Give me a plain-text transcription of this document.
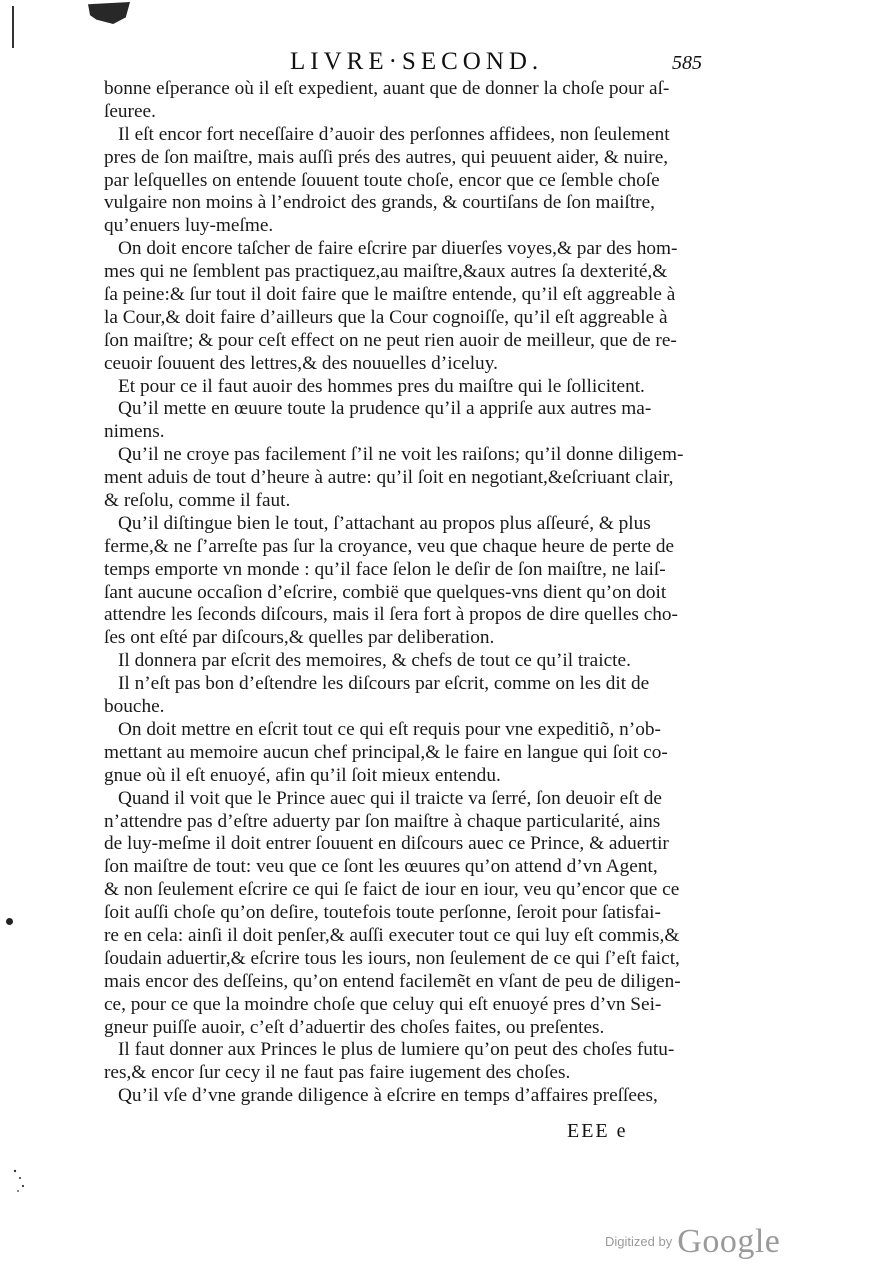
LIVRE·SECOND.	585
bonne eſperance où il eſt expedient, auant que de donner la choſe pour aſ-
ſeuree.
Il eſt encor fort neceſſaire d’auoir des perſonnes affidees, non ſeulement
pres de ſon maiſtre, mais auſſi prés des autres, qui peuuent aider, & nuire,
par leſquelles on entende ſouuent toute choſe, encor que ce ſemble choſe
vulgaire non moins à l’endroict des grands, & courtiſans de ſon maiſtre,
qu’enuers luy-meſme.
On doit encore taſcher de faire eſcrire par diuerſes voyes,& par des hom-
mes qui ne ſemblent pas practiquez,au maiſtre,&aux autres ſa dexterité,&
ſa peine:& ſur tout il doit faire que le maiſtre entende, qu’il eſt aggreable à
la Cour,& doit faire d’ailleurs que la Cour cognoiſſe, qu’il eſt aggreable à
ſon maiſtre; & pour ceſt effect on ne peut rien auoir de meilleur, que de re-
ceuoir ſouuent des lettres,& des nouuelles d’iceluy.
Et pour ce il faut auoir des hommes pres du maiſtre qui le ſollicitent.
Qu’il mette en œuure toute la prudence qu’il a appriſe aux autres ma-
nimens.
Qu’il ne croye pas facilement ſ’il ne voit les raiſons; qu’il donne diligem-
ment aduis de tout d’heure à autre: qu’il ſoit en negotiant,&eſcriuant clair,
& reſolu, comme il faut.
Qu’il diſtingue bien le tout, ſ’attachant au propos plus aſſeuré, & plus
ferme,& ne ſ’arreſte pas ſur la croyance, veu que chaque heure de perte de
temps emporte vn monde : qu’il face ſelon le deſir de ſon maiſtre, ne laiſ-
ſant aucune occaſion d’eſcrire, combië que quelques-vns dient qu’on doit
attendre les ſeconds diſcours, mais il ſera fort à propos de dire quelles cho-
ſes ont eſté par diſcours,& quelles par deliberation.
Il donnera par eſcrit des memoires, & chefs de tout ce qu’il traicte.
Il n’eſt pas bon d’eſtendre les diſcours par eſcrit, comme on les dit de
bouche.
On doit mettre en eſcrit tout ce qui eſt requis pour vne expeditiõ, n’ob-
mettant au memoire aucun chef principal,& le faire en langue qui ſoit co-
gnue où il eſt enuoyé, afin qu’il ſoit mieux entendu.
Quand il voit que le Prince auec qui il traicte va ſerré, ſon deuoir eſt de
n’attendre pas d’eſtre aduerty par ſon maiſtre à chaque particularité, ains
de luy-meſme il doit entrer ſouuent en diſcours auec ce Prince, & aduertir
ſon maiſtre de tout: veu que ce ſont les œuures qu’on attend d’vn Agent,
& non ſeulement eſcrire ce qui ſe faict de iour en iour, veu qu’encor que ce
ſoit auſſi choſe qu’on deſire, toutefois toute perſonne, ſeroit pour ſatisfai-
re en cela: ainſi il doit penſer,& auſſi executer tout ce qui luy eſt commis,&
ſoudain aduertir,& eſcrire tous les iours, non ſeulement de ce qui ſ’eſt faict,
mais encor des deſſeins, qu’on entend facilemẽt en vſant de peu de diligen-
ce, pour ce que la moindre choſe que celuy qui eſt enuoyé pres d’vn Sei-
gneur puiſſe auoir, c’eſt d’aduertir des choſes faites, ou preſentes.
Il faut donner aux Princes le plus de lumiere qu’on peut des choſes futu-
res,& encor ſur cecy il ne faut pas faire iugement des choſes.
Qu’il vſe d’vne grande diligence à eſcrire en temps d’affaires preſſees,
EEE e
$^{Digitized by}$ Google
